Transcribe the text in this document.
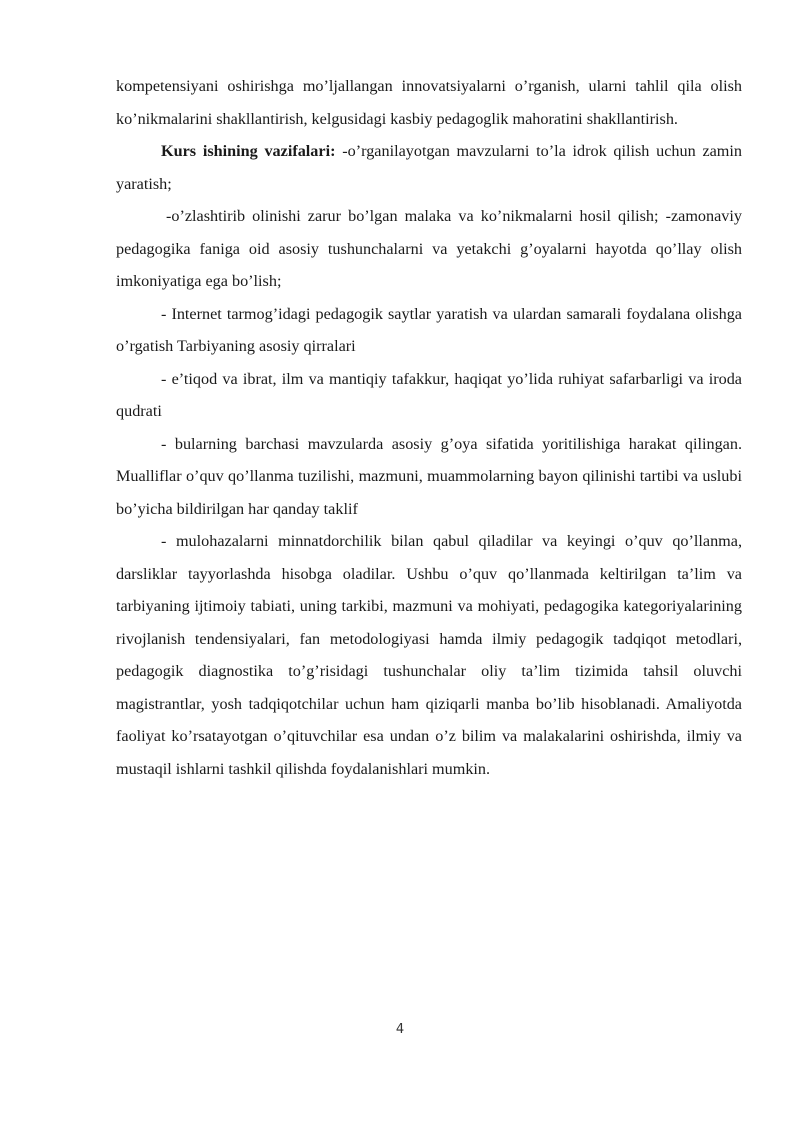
kompetensiyani oshirishga mo’ljallangan innovatsiyalarni o’rganish, ularni tahlil qila olish ko’nikmalarini shakllantirish, kelgusidagi kasbiy pedagoglik mahoratini shakllantirish.

Kurs ishining vazifalari: -o’rganilayotgan mavzularni to’la idrok qilish uchun zamin yaratish;

-o’zlashtirib olinishi zarur bo’lgan malaka va ko’nikmalarni hosil qilish; -zamonaviy pedagogika faniga oid asosiy tushunchalarni va yetakchi g’oyalarni hayotda qo’llay olish imkoniyatiga ega bo’lish;

- Internet tarmog’idagi pedagogik saytlar yaratish va ulardan samarali foydalana olishga o’rgatish Tarbiyaning asosiy qirralari

- e’tiqod va ibrat, ilm va mantiqiy tafakkur, haqiqat yo’lida ruhiyat safarbarligi va iroda qudrati

- bularning barchasi mavzularda asosiy g’oya sifatida yoritilishiga harakat qilingan. Mualliflar o’quv qo’llanma tuzilishi, mazmuni, muammolarning bayon qilinishi tartibi va uslubi bo’yicha bildirilgan har qanday taklif

- mulohazalarni minnatdorchilik bilan qabul qiladilar va keyingi o’quv qo’llanma, darsliklar tayyorlashda hisobga oladilar. Ushbu o’quv qo’llanmada keltirilgan ta’lim va tarbiyaning ijtimoiy tabiati, uning tarkibi, mazmuni va mohiyati, pedagogika kategoriyalarining rivojlanish tendensiyalari, fan metodologiyasi hamda ilmiy pedagogik tadqiqot metodlari, pedagogik diagnostika to’g’risidagi tushunchalar oliy ta’lim tizimida tahsil oluvchi magistrantlar, yosh tadqiqotchilar uchun ham qiziqarli manba bo’lib hisoblanadi. Amaliyotda faoliyat ko’rsatayotgan o’qituvchilar esa undan o’z bilim va malakalarini oshirishda, ilmiy va mustaqil ishlarni tashkil qilishda foydalanishlari mumkin.

4
